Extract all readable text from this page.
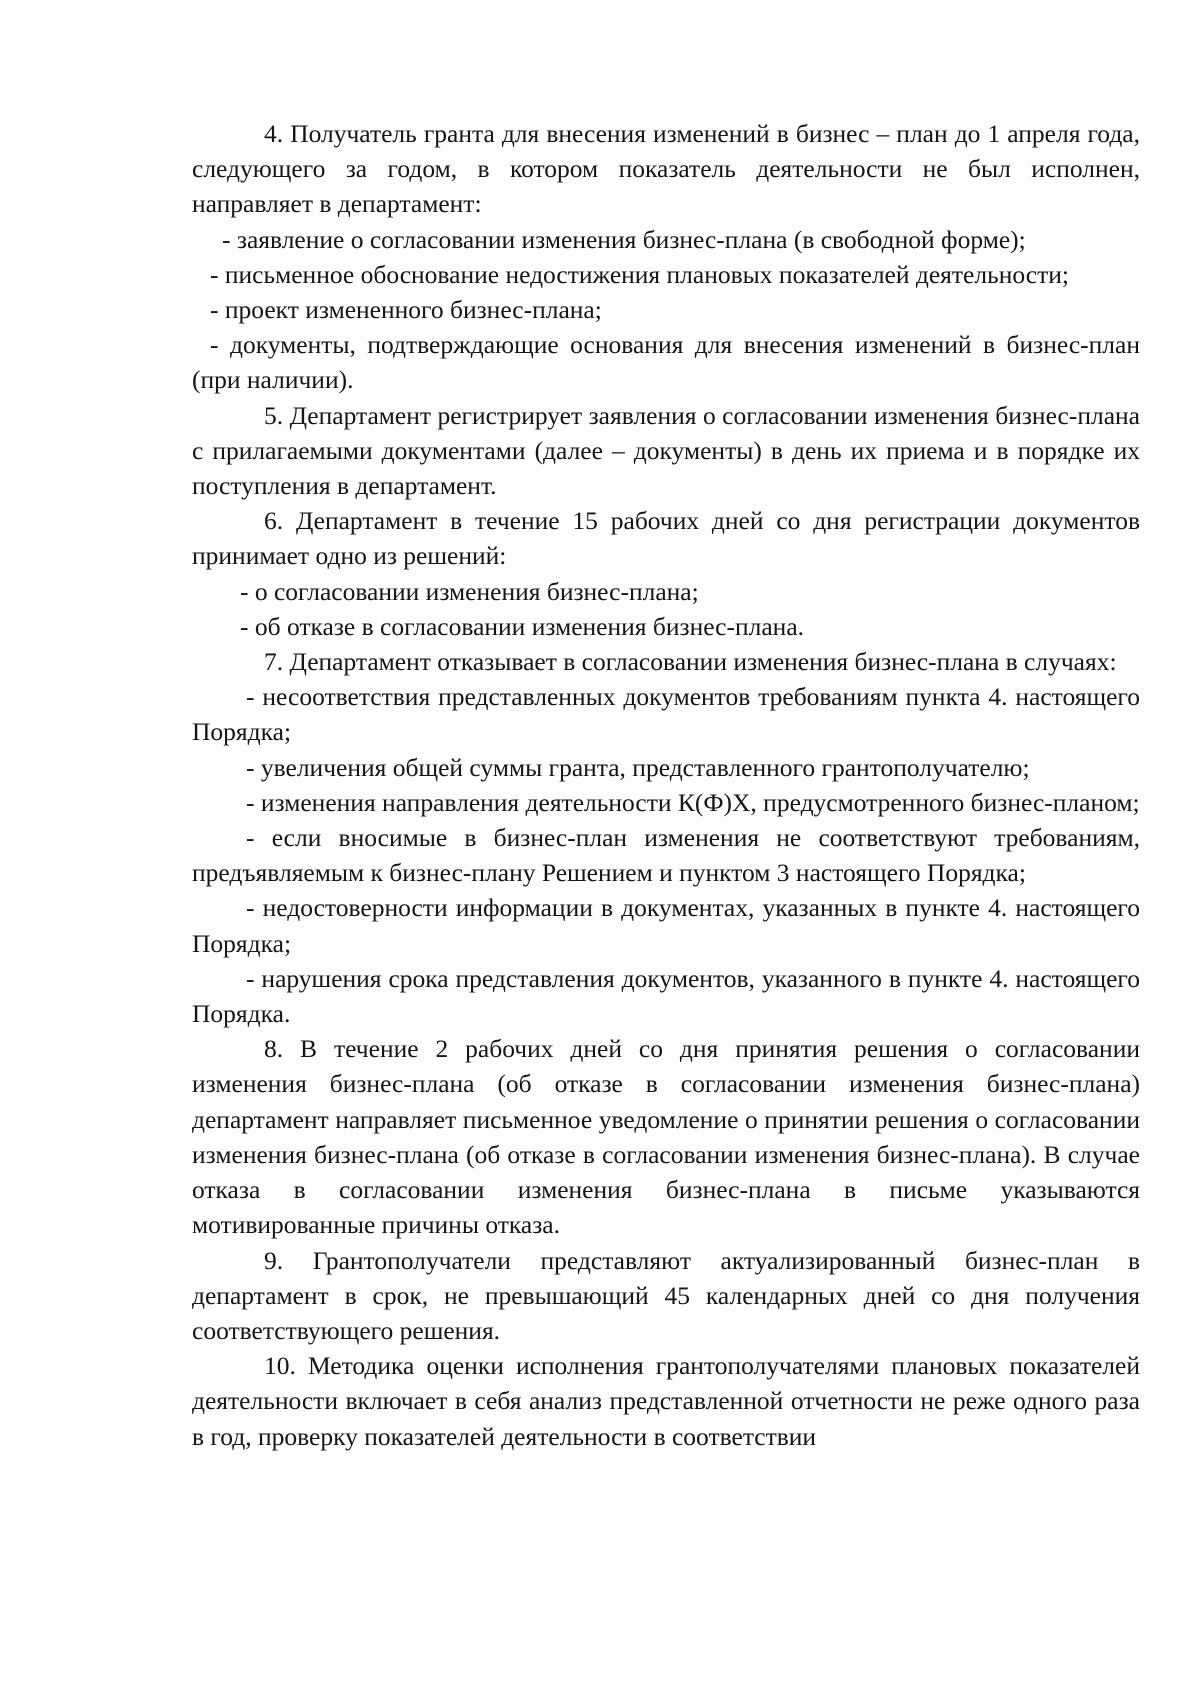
4. Получатель гранта для внесения изменений в бизнес – план до 1 апреля года, следующего за годом, в котором показатель деятельности не был исполнен, направляет в департамент:

- заявление о согласовании изменения бизнес-плана (в свободной форме);

- письменное обоснование недостижения плановых показателей деятельности;

- проект измененного бизнес-плана;

- документы, подтверждающие основания для внесения изменений в бизнес-план (при наличии).

5. Департамент регистрирует заявления о согласовании изменения бизнес-плана с прилагаемыми документами (далее – документы) в день их приема и в порядке их поступления в департамент.

6. Департамент в течение 15 рабочих дней со дня регистрации документов принимает одно из решений:

- о согласовании изменения бизнес-плана;

- об отказе в согласовании изменения бизнес-плана.

7. Департамент отказывает в согласовании изменения бизнес-плана в случаях:

- несоответствия представленных документов требованиям пункта 4. настоящего Порядка;

- увеличения общей суммы гранта, представленного грантополучателю;

- изменения направления деятельности К(Ф)Х, предусмотренного бизнес-планом;

- если вносимые в бизнес-план изменения не соответствуют требованиям, предъявляемым к бизнес-плану Решением и пунктом 3 настоящего Порядка;

- недостоверности информации в документах, указанных в пункте 4. настоящего Порядка;

- нарушения срока представления документов, указанного в пункте 4. настоящего Порядка.

8. В течение 2 рабочих дней со дня принятия решения о согласовании изменения бизнес-плана (об отказе в согласовании изменения бизнес-плана) департамент направляет письменное уведомление о принятии решения о согласовании изменения бизнес-плана (об отказе в согласовании изменения бизнес-плана). В случае отказа в согласовании изменения бизнес-плана в письме указываются мотивированные причины отказа.

9. Грантополучатели представляют актуализированный бизнес-план в департамент в срок, не превышающий 45 календарных дней со дня получения соответствующего решения.

10. Методика оценки исполнения грантополучателями плановых показателей деятельности включает в себя анализ представленной отчетности не реже одного раза в год, проверку показателей деятельности в соответствии
